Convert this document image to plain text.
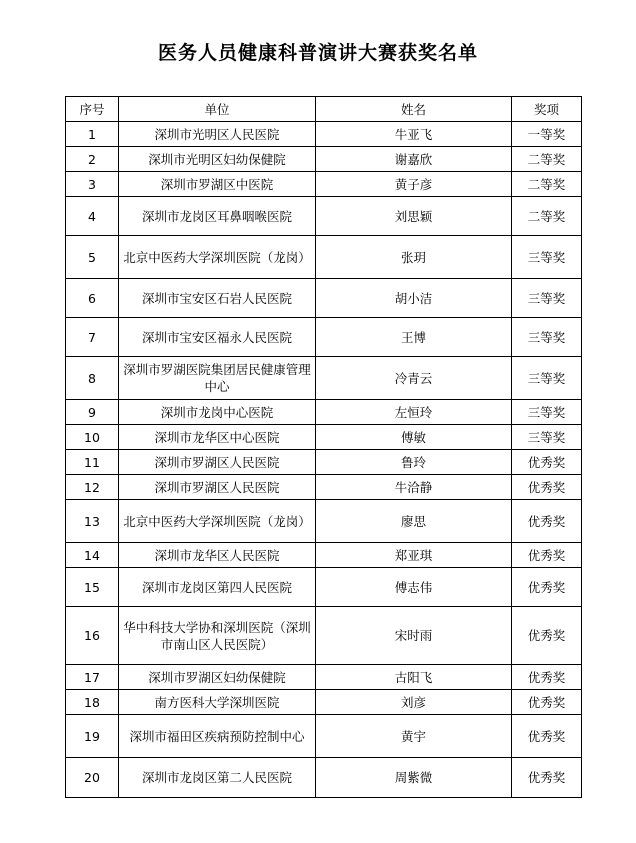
医务人员健康科普演讲大赛获奖名单
序号	单位	姓名	奖项
1	深圳市光明区人民医院	牛亚飞	一等奖
2	深圳市光明区妇幼保健院	谢嘉欣	二等奖
3	深圳市罗湖区中医院	黄子彦	二等奖
4	深圳市龙岗区耳鼻咽喉医院	刘思颖	二等奖
5	北京中医药大学深圳医院（龙岗）	张玥	三等奖
6	深圳市宝安区石岩人民医院	胡小洁	三等奖
7	深圳市宝安区福永人民医院	王博	三等奖
8	深圳市罗湖医院集团居民健康管理中心	冷青云	三等奖
9	深圳市龙岗中心医院	左恒玲	三等奖
10	深圳市龙华区中心医院	傅敏	三等奖
11	深圳市罗湖区人民医院	鲁玲	优秀奖
12	深圳市罗湖区人民医院	牛洽静	优秀奖
13	北京中医药大学深圳医院（龙岗）	廖思	优秀奖
14	深圳市龙华区人民医院	郑亚琪	优秀奖
15	深圳市龙岗区第四人民医院	傅志伟	优秀奖
16	华中科技大学协和深圳医院（深圳市南山区人民医院）	宋时雨	优秀奖
17	深圳市罗湖区妇幼保健院	古阳飞	优秀奖
18	南方医科大学深圳医院	刘彦	优秀奖
19	深圳市福田区疾病预防控制中心	黄宇	优秀奖
20	深圳市龙岗区第二人民医院	周紫微	优秀奖
